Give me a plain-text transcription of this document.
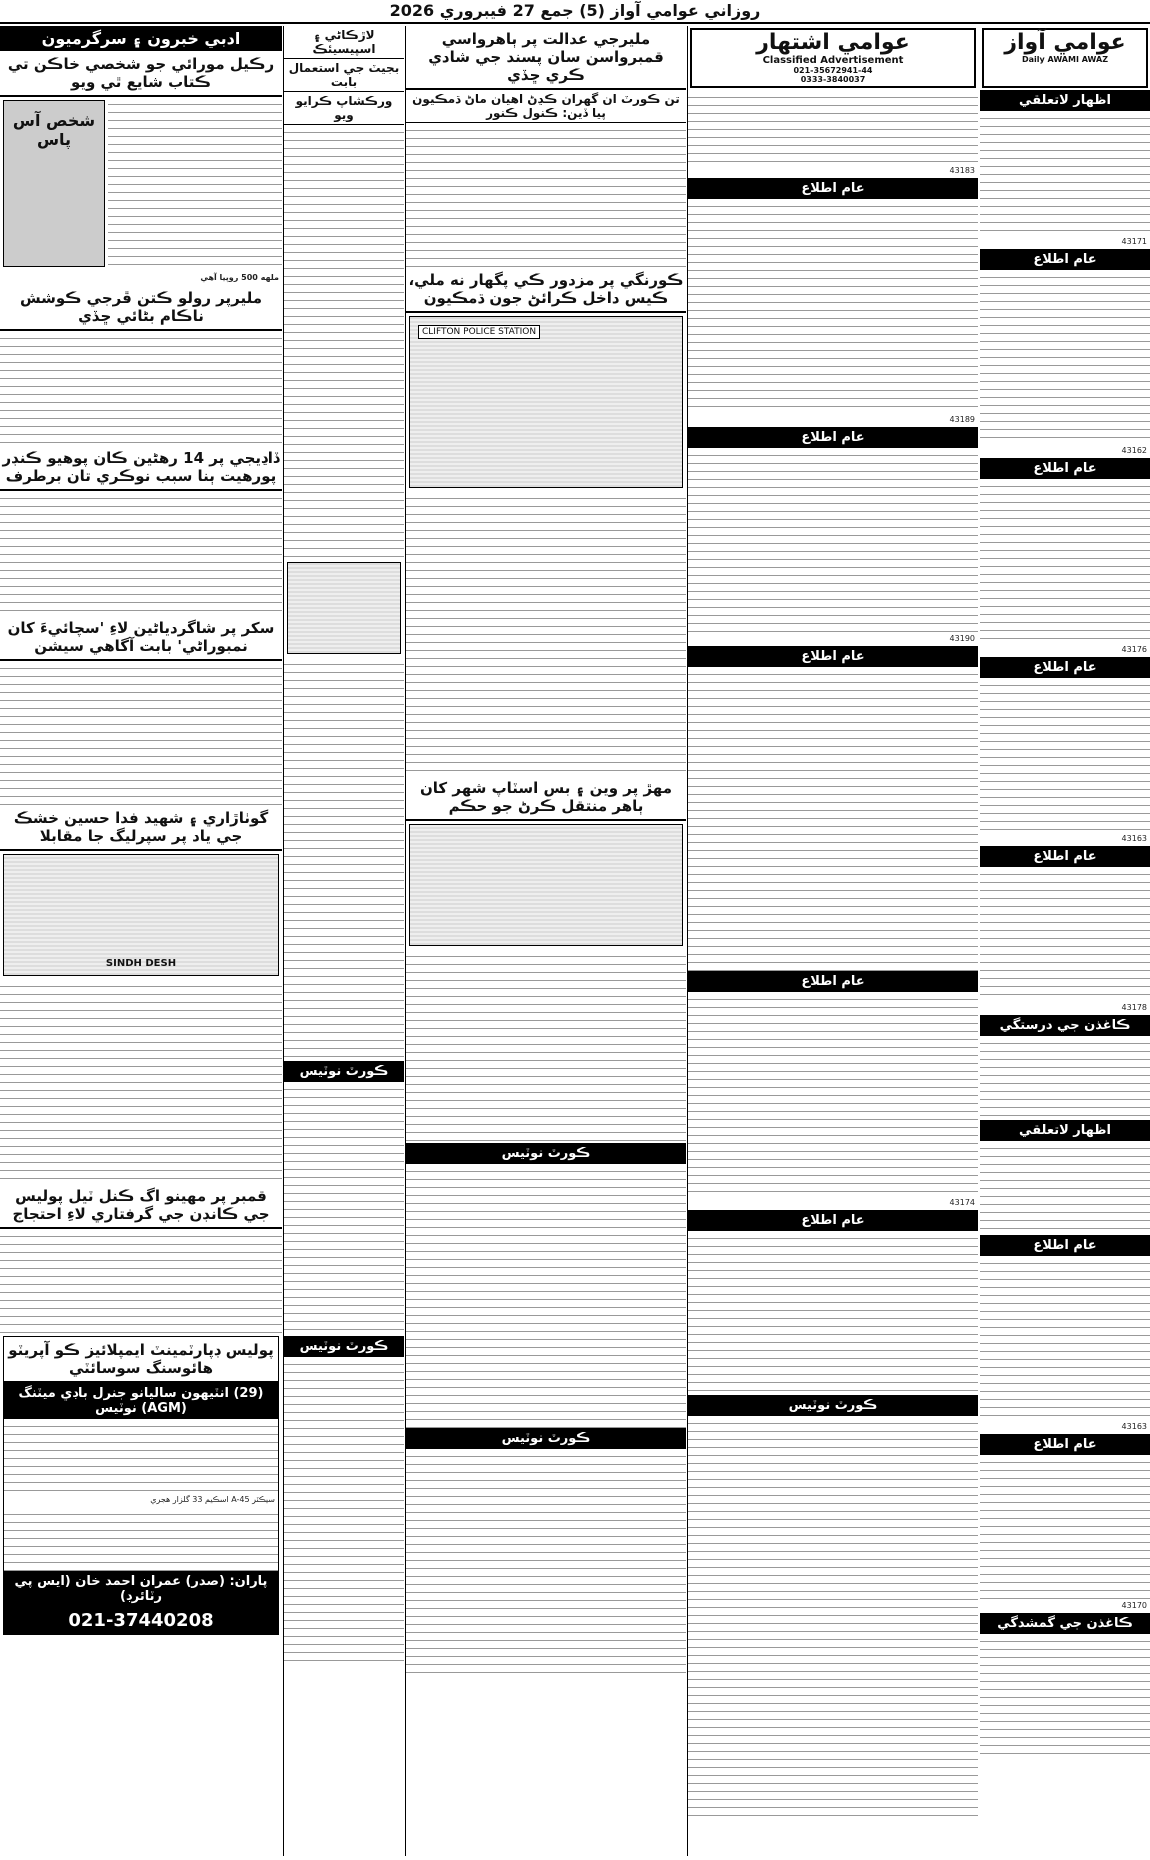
روزاني عوامي آواز (5) جمع 27 فيبروري 2026
عوامي آواز
Daily AWAMI AWAZ
اظهار لاتعلقي
43171
عام اطلاع
43162
عام اطلاع
43176
عام اطلاع
43163
عام اطلاع
43178
ڪاغذن جي درستگي
اظهار لاتعلقي
عام اطلاع
43163
عام اطلاع
43170
ڪاغذن جي گمشدگي
عوامي اشتهار
Classified Advertisement
021-35672941-44
0333-3840037
43183
عام اطلاع
43189
عام اطلاع
43190
عام اطلاع
عام اطلاع
43174
عام اطلاع
ڪورٽ نوٽيس
مليرجي عدالت پر ٻاهرواسي قمبرواسن سان پسند جي شادي ڪري ڇڏي
تن ڪورٽ ان گهران ڪڍڻ اهيان ماڻ ڌمڪيون پيا ڏين: ڪنول ڪنور
ڪورنگي پر مزدور ڪي پگهار نه ملي، ڪيس داخل ڪرائڻ جون ڌمڪيون
CLIFTON POLICE STATION
مهڙ پر وين ۽ بس اسٽاپ شهر کان ٻاهر منتقل ڪرڻ جو حڪم
ڪورٽ نوٽيس
ڪورٽ نوٽيس
لاڙڪاڻي ۽ اسپيسيئڪ
بجيٽ جي استعمال بابت
ورڪشاپ ڪرايو ويو
ڪورٽ نوٽيس
ڪورٽ نوٽيس
ادبي خبرون ۽ سرگرميون
رڪيل مورائي جو شخصي خاڪن تي ڪتاب شايع ٿي ويو
شخص آس پاس
ملهه 500 روپيا آهي
مليرپر رولو ڪتن ڦرجي ڪوشش ناڪام بڻائي ڇڏي
ڏاڍيجي پر 14 رهڻين ڪان پوهيو ڪنڊر پورهيت ٻنا سبب نوڪري تان برطرف
سکر پر شاگردياڻين لاءِ 'سچائيءَ کان نمبوراڻي' بابت آگاهي سيشن
گوٺاڙاري ۽ شهيد فدا حسين خشڪ جي ياد پر سپرليگ جا مقابلا
SINDH DESH
قمبر پر مهينو اگ ڪنل ٽيل پوليس جي ڪانڊن جي گرفتاري لاءِ احتجاج
پوليس ڊپارٽمينٽ ايمپلائيز ڪو آپريٽو هائوسنگ سوسائٽي
(29) انٽيهون ساليانو جنرل باڊي ميٽنگ (AGM) نوٽيس
سيڪٽر A-45 اسڪيم 33 گلزار هجري
پاران: (صدر) عمران احمد خان (ايس پي رٽائرڊ)
021-37440208
